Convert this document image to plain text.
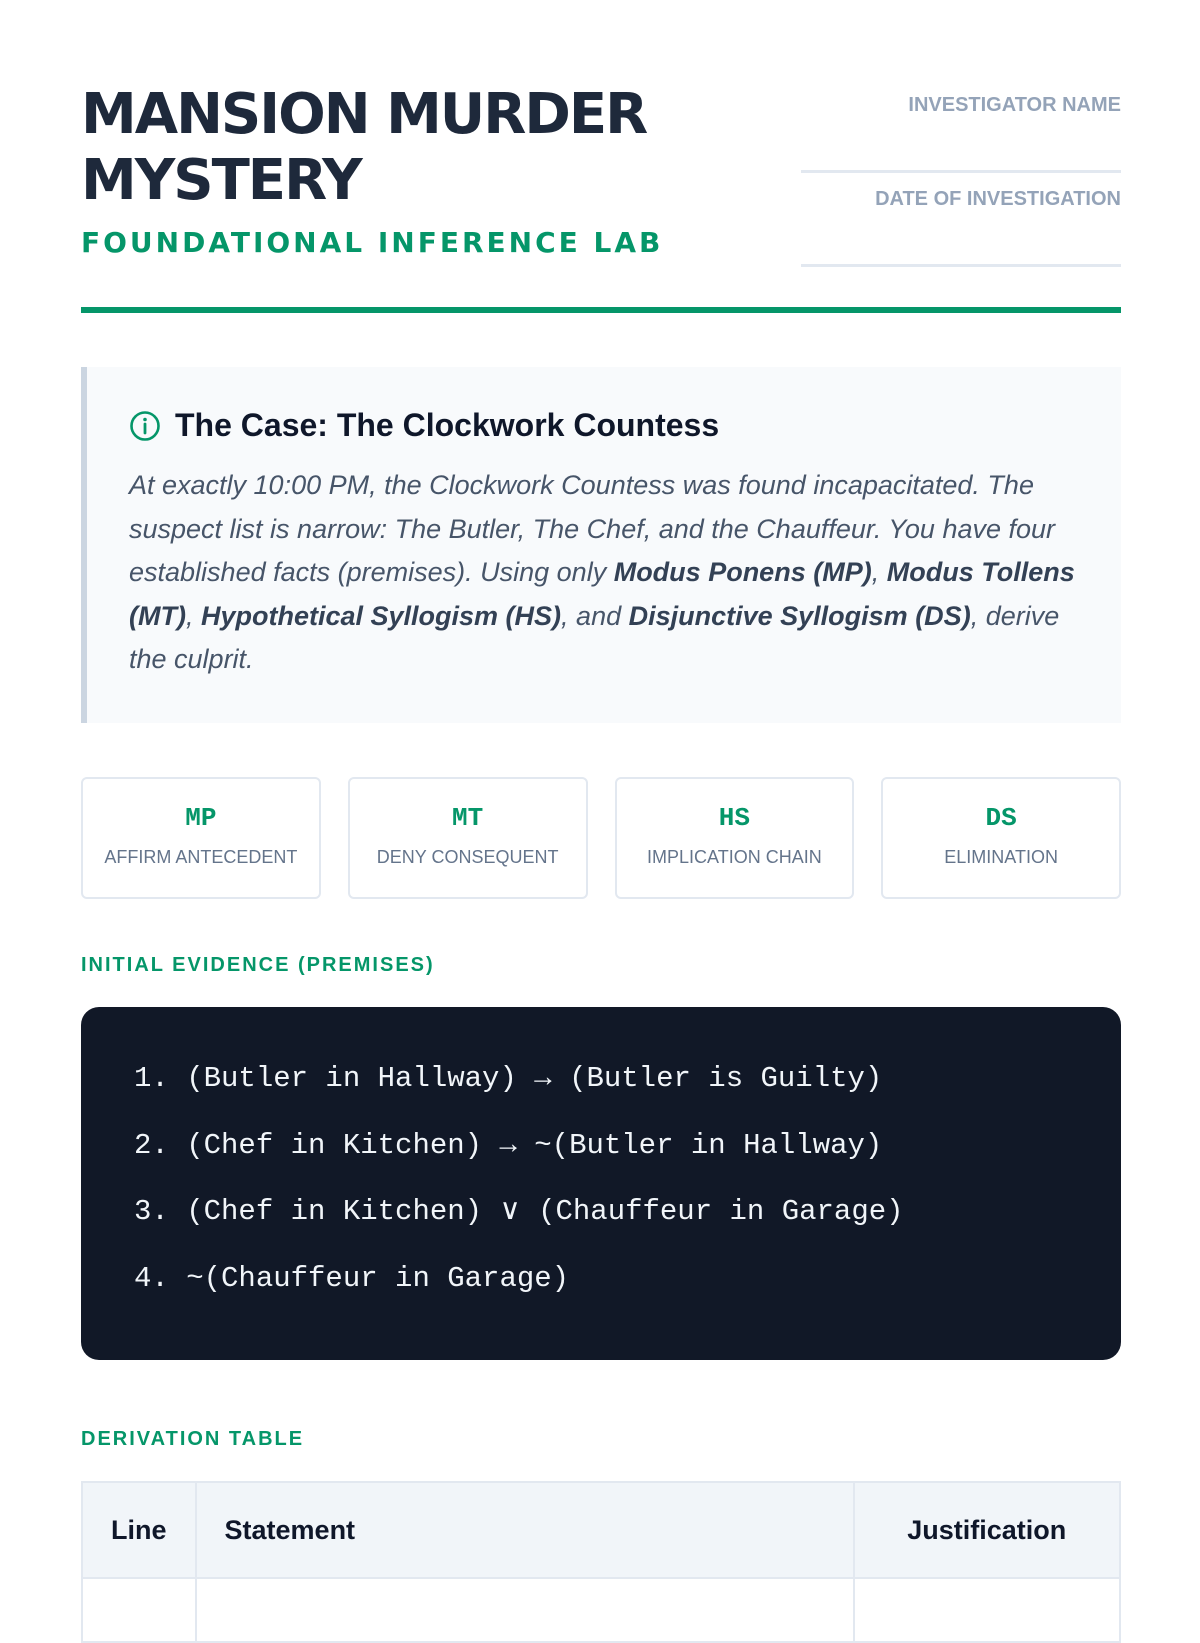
MANSION MURDER MYSTERY
FOUNDATIONAL INFERENCE LAB
INVESTIGATOR NAME
DATE OF INVESTIGATION
The Case: The Clockwork Countess

At exactly 10:00 PM, the Clockwork Countess was found incapacitated. The suspect list is narrow: The Butler, The Chef, and the Chauffeur. You have four established facts (premises). Using only Modus Ponens (MP), Modus Tollens (MT), Hypothetical Syllogism (HS), and Disjunctive Syllogism (DS), derive the culprit.

MP
AFFIRM ANTECEDENT
MT
DENY CONSEQUENT
HS
IMPLICATION CHAIN
DS
ELIMINATION
INITIAL EVIDENCE (PREMISES)
1. (Butler in Hallway) → (Butler is Guilty)
2. (Chef in Kitchen) → ~(Butler in Hallway)
3. (Chef in Kitchen) ∨ (Chauffeur in Garage)
4. ~(Chauffeur in Garage)
DERIVATION TABLE
Line	Statement	Justification
